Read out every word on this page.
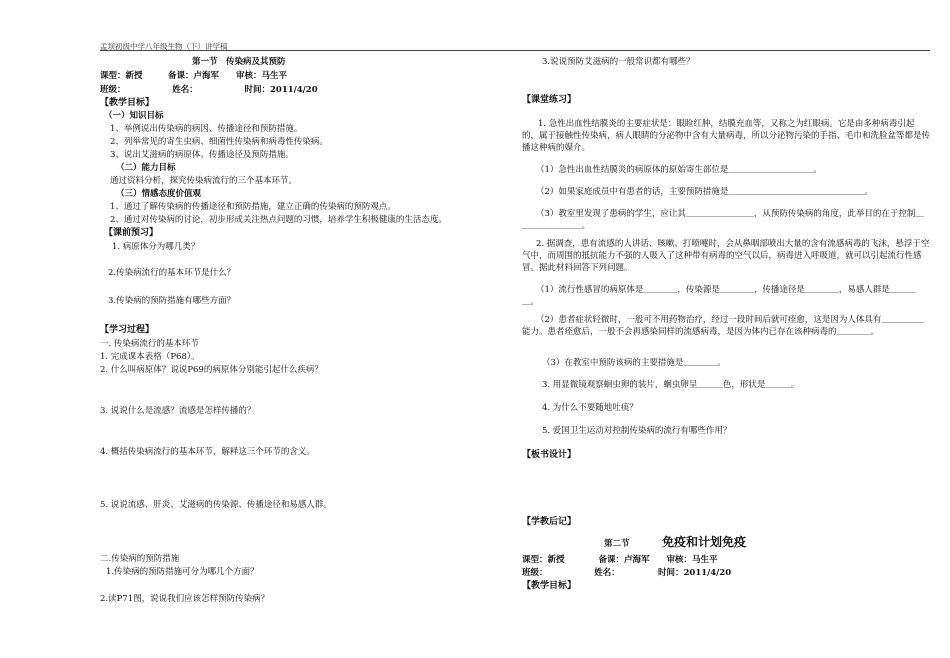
孟坝初级中学八年级生物（下）讲学稿
第一节　传染病及其预防
课型：新授　　　备课：卢海军　　审核：马生平
班级：　　　　　　姓名：　　　　　　时间：2011/4/20
【教学目标】
（一）知识目标
1、举例说出传染病的病因、传播途径和预防措施。
2、列举常见的寄生虫病、细菌性传染病和病毒性传染病。
3、说出艾滋病的病原体、传播途径及预防措施。
（二）能力目标
通过资料分析，探究传染病流行的三个基本环节。
（三）情感态度价值观
1、通过了解传染病的传播途径和预防措施，建立正确的传染病的预防观点。
2、通过对传染病的讨论，初步形成关注热点问题的习惯，培养学生积极健康的生活态度。
【课前预习】
1. 病原体分为哪几类？
2.传染病流行的基本环节是什么？
3.传染病的预防措施有哪些方面？
【学习过程】
一. 传染病流行的基本环节
1. 完成课本表格（P68）。
2. 什么叫病原体？说说P69的病原体分别能引起什么疾病？
3. 说说什么是流感？流感是怎样传播的？
4. 概括传染病流行的基本环节，解释这三个环节的含义。
5. 说说流感、肝炎、艾滋病的传染源、传播途径和易感人群。
二.传染病的预防措施
1.传染病的预防措施可分为哪几个方面？
2.读P71图，说说我们应该怎样预防传染病？
3.说说预防艾滋病的一般常识都有哪些？
【课堂练习】
1. 急性出血性结膜炎的主要症状是：眼睑红肿，结膜充血等，又称之为红眼病。它是由多种病毒引起的，属于接触性传染病，病人眼睛的分泌物中含有大量病毒，所以分泌物污染的手指、毛巾和洗脸盆等都是传播这种病的媒介。
（1）急性出血性结膜炎的病原体的原始寄生部位是＿＿＿＿＿＿＿＿＿＿。
（2）如果家庭成员中有患者的话，主要预防措施是＿＿＿＿＿＿＿＿＿＿＿＿＿＿＿＿。
（3）教室里发现了患病的学生，应让其＿＿＿＿＿＿＿＿，从预防传染病的角度，此举目的在于控制＿＿＿＿＿＿＿＿。
2. 据调查，患有流感的人讲话、咳嗽、打喷嚏时，会从鼻咽部喷出大量的含有流感病毒的飞沫，悬浮于空气中，而周围的抵抗能力不强的人吸入了这种带有病毒的空气以后，病毒进入呼吸道，就可以引起流行性感冒。据此材料回答下列问题。
（1）流行性感冒的病原体是＿＿＿＿，传染源是＿＿＿＿，传播途径是＿＿＿＿，易感人群是＿＿＿＿。
（2）患者症状轻微时，一般可不用药物治疗，经过一段时间后就可痊愈，这是因为人体具有＿＿＿＿＿能力。患者痊愈后，一般不会再感染同样的流感病毒，是因为体内已存在该种病毒的＿＿＿＿。
（3）在教室中预防该病的主要措施是＿＿＿＿。
3. 用显微镜观察蛔虫卵的装片，蛔虫卵呈＿＿＿色，形状是＿＿＿。
4. 为什么不要随地吐痰？
5. 爱国卫生运动对控制传染病的流行有哪些作用？
【板书设计】
【学教后记】
第二节	免疫和计划免疫
课型：新授　　　　备课：卢海军　　审核：马生平
班级：　　　　　　姓名：　　　　　时间：2011/4/20
【教学目标】
